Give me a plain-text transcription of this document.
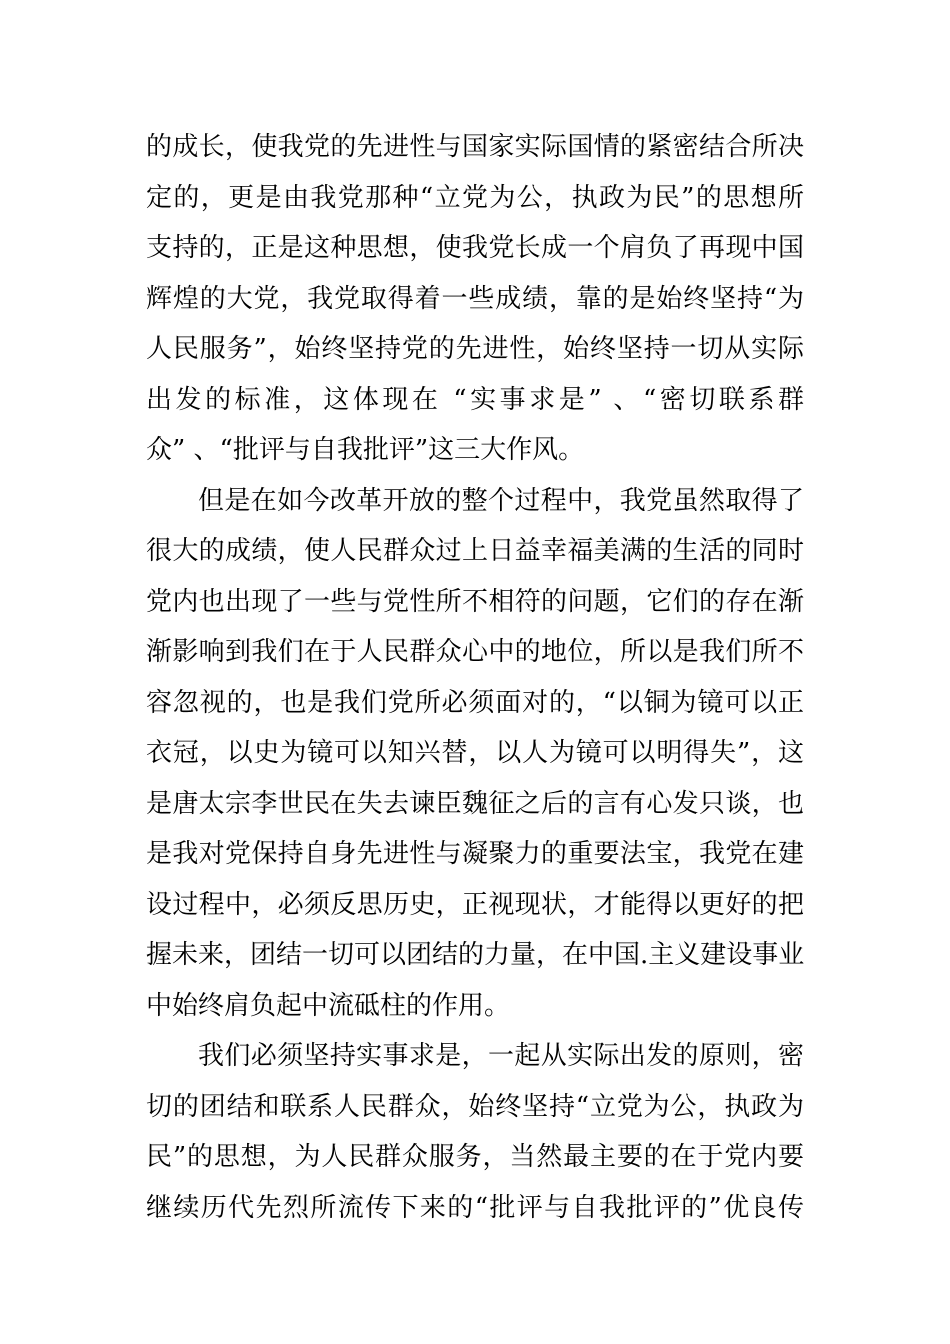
的成长，使我党的先进性与国家实际国情的紧密结合所决
定的，更是由我党那种“立党为公，执政为民”的思想所
支持的，正是这种思想，使我党长成一个肩负了再现中国
辉煌的大党，我党取得着一些成绩，靠的是始终坚持“为
人民服务”，始终坚持党的先进性，始终坚持一切从实际
出发的标准，这体现在 “实事求是” 、“密切联系群
众” 、“批评与自我批评”这三大作风。
但是在如今改革开放的整个过程中，我党虽然取得了
很大的成绩，使人民群众过上日益幸福美满的生活的同时
党内也出现了一些与党性所不相符的问题，它们的存在渐
渐影响到我们在于人民群众心中的地位，所以是我们所不
容忽视的，也是我们党所必须面对的，“以铜为镜可以正
衣冠，以史为镜可以知兴替，以人为镜可以明得失”，这
是唐太宗李世民在失去谏臣魏征之后的言有心发只谈，也
是我对党保持自身先进性与凝聚力的重要法宝，我党在建
设过程中，必须反思历史，正视现状，才能得以更好的把
握未来，团结一切可以团结的力量，在中国.主义建设事业
中始终肩负起中流砥柱的作用。
我们必须坚持实事求是，一起从实际出发的原则，密
切的团结和联系人民群众，始终坚持“立党为公，执政为
民”的思想，为人民群众服务，当然最主要的在于党内要
继续历代先烈所流传下来的“批评与自我批评的”优良传
